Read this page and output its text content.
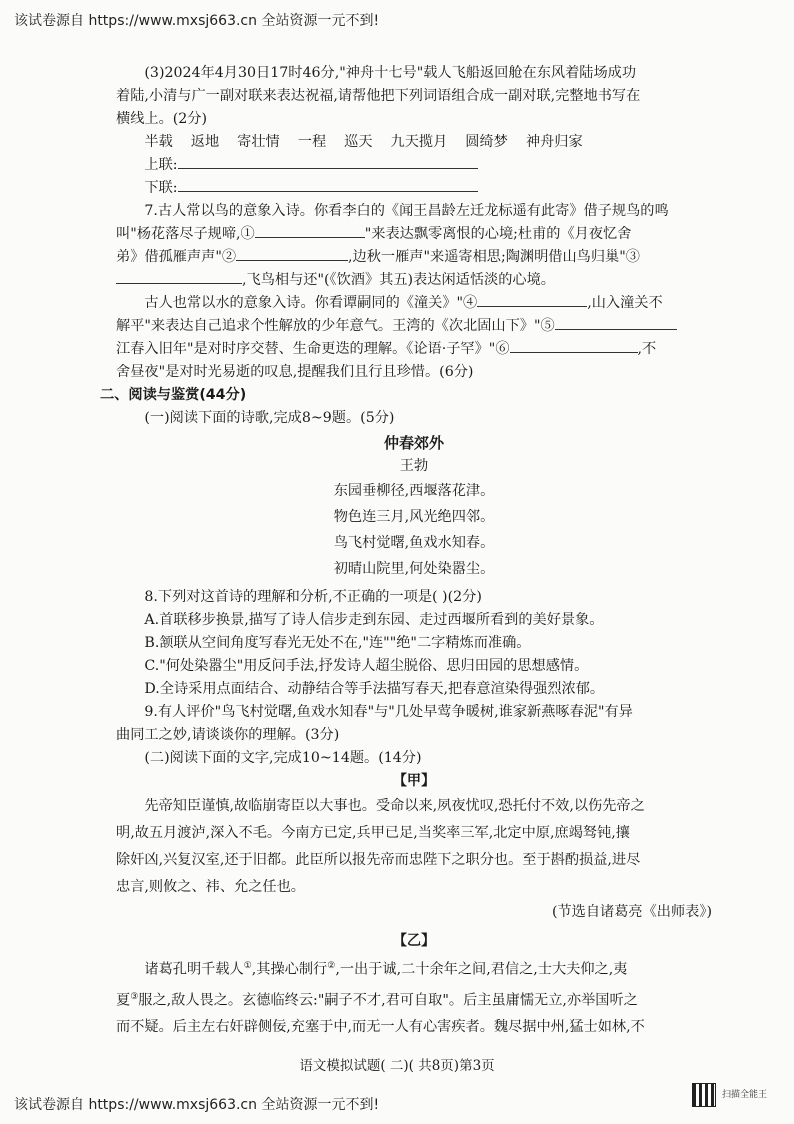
该试卷源自 https://www.mxsj663.cn 全站资源一元不到!

(3)2024年4月30日17时46分,"神舟十七号"载人飞船返回舱在东风着陆场成功

着陆,小清与广一副对联来表达祝福,请帮他把下列词语组合成一副对联,完整地书写在

横线上。(2分)

半载 返地 寄壮情 一程 巡天 九天揽月 圆绮梦 神舟归家

上联:

下联:

7.古人常以鸟的意象入诗。你看李白的《闻王昌龄左迁龙标遥有此寄》借子规鸟的鸣

叫"杨花落尽子规啼,①	"来表达飘零离恨的心境;杜甫的《月夜忆舍

弟》借孤雁声声"②	,边秋一雁声"来遥寄相思;陶渊明借山鸟归巢"③

,飞鸟相与还"(《饮酒》其五)表达闲适恬淡的心境。

古人也常以水的意象入诗。你看谭嗣同的《潼关》"④	,山入潼关不

解平"来表达自己追求个性解放的少年意气。王湾的《次北固山下》"⑤

江春入旧年"是对时序交替、生命更迭的理解。《论语·子罕》"⑥	,不

舍昼夜"是对时光易逝的叹息,提醒我们且行且珍惜。(6分)

二、阅读与鉴赏(44分)

(一)阅读下面的诗歌,完成8~9题。(5分)

仲春郊外

王勃

东园垂柳径,西堰落花津。

物色连三月,风光绝四邻。

鸟飞村觉曙,鱼戏水知春。

初晴山院里,何处染嚣尘。

8.下列对这首诗的理解和分析,不正确的一项是( )(2分)

A.首联移步换景,描写了诗人信步走到东园、走过西堰所看到的美好景象。

B.颔联从空间角度写春光无处不在,"连""绝"二字精炼而准确。

C."何处染嚣尘"用反问手法,抒发诗人超尘脱俗、思归田园的思想感情。

D.全诗采用点面结合、动静结合等手法描写春天,把春意渲染得强烈浓郁。

9.有人评价"鸟飞村觉曙,鱼戏水知春"与"几处早莺争暖树,谁家新燕啄春泥"有异

曲同工之妙,请谈谈你的理解。(3分)

(二)阅读下面的文字,完成10~14题。(14分)

【甲】

先帝知臣谨慎,故临崩寄臣以大事也。受命以来,夙夜忧叹,恐托付不效,以伤先帝之

明,故五月渡泸,深入不毛。今南方已定,兵甲已足,当奖率三军,北定中原,庶竭驽钝,攘

除奸凶,兴复汉室,还于旧都。此臣所以报先帝而忠陛下之职分也。至于斟酌损益,进尽

忠言,则攸之、祎、允之任也。

(节选自诸葛亮《出师表》)

【乙】

诸葛孔明千载人①,其操心制行②,一出于诚,二十余年之间,君信之,士大夫仰之,夷

夏③服之,敌人畏之。玄德临终云:"嗣子不才,君可自取"。后主虽庸懦无立,亦举国听之

而不疑。后主左右奸辟侧佞,充塞于中,而无一人有心害疾者。魏尽据中州,猛士如林,不

语文模拟试题( 二)( 共8页)第3页
扫描全能王
该试卷源自 https://www.mxsj663.cn 全站资源一元不到!
